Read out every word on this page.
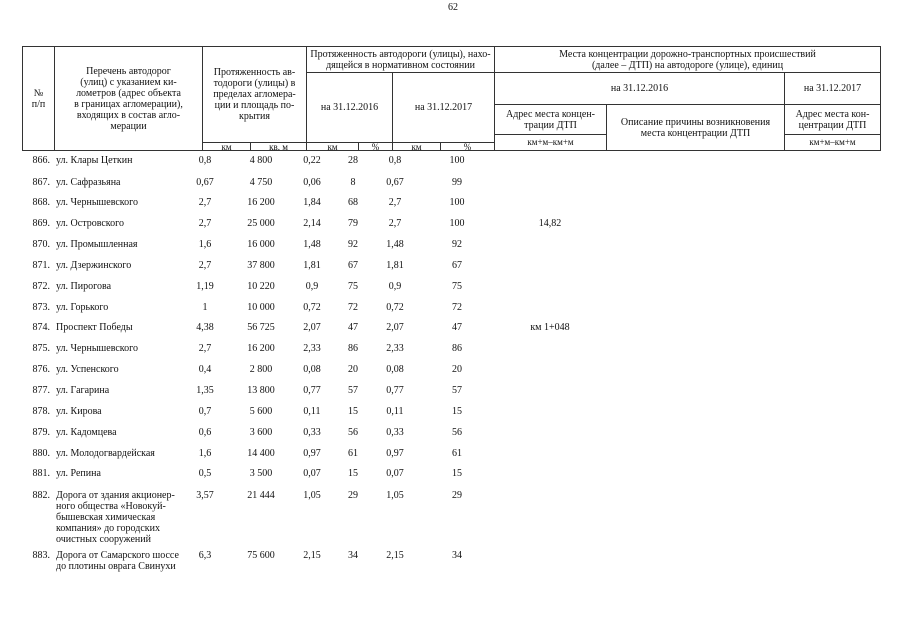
62
№
п/п
Перечень автодорог
(улиц) с указанием ки-
лометров (адрес объекта
в границах агломерации),
входящих в состав агло-
мерации
Протяженность ав-
тодороги (улицы) в
пределах агломера-
ции и площадь по-
крытия
Протяженность автодороги (улицы), нахо-
дящейся в нормативном состоянии
на 31.12.2016	на 31.12.2017
Места концентрации дорожно-транспортных происшествий
(далее – ДТП) на автодороге (улице), единиц
на 31.12.2016	на 31.12.2017
Адрес места концен-
трации ДТП	Описание причины возникновения
места концентрации ДТП
Адрес места кон-
центрации ДТП
км	кв. м	км	%	км	%	км+м–км+м	км+м–км+м
866. ул. Клары Цеткин	0,8	4 800	0,22	28	0,8	100
867. ул. Сафразьяна	0,67	4 750	0,06	8	0,67	99
868. ул. Чернышевского	2,7	16 200	1,84	68	2,7	100
869. ул. Островского	2,7	25 000	2,14	79	2,7	100	14,82
870. ул. Промышленная	1,6	16 000	1,48	92	1,48	92
871. ул. Дзержинского	2,7	37 800	1,81	67	1,81	67
872. ул. Пирогова	1,19	10 220	0,9	75	0,9	75
873. ул. Горького	1	10 000	0,72	72	0,72	72
874. Проспект Победы	4,38	56 725	2,07	47	2,07	47	км 1+048
875. ул. Чернышевского	2,7	16 200	2,33	86	2,33	86
876. ул. Успенского	0,4	2 800	0,08	20	0,08	20
877. ул. Гагарина	1,35	13 800	0,77	57	0,77	57
878. ул. Кирова	0,7	5 600	0,11	15	0,11	15
879. ул. Кадомцева	0,6	3 600	0,33	56	0,33	56
880. ул. Молодогвардейская	1,6	14 400	0,97	61	0,97	61
881. ул. Репина	0,5	3 500	0,07	15	0,07	15
882. Дорога от здания акционер-
ного общества «Новокуй-
бышевская химическая
компания» до городских
очистных сооружений
3,57	21 444	1,05	29	1,05	29
883. Дорога от Самарского шоссе
до плотины оврага Свинухи
6,3	75 600	2,15	34	2,15	34
